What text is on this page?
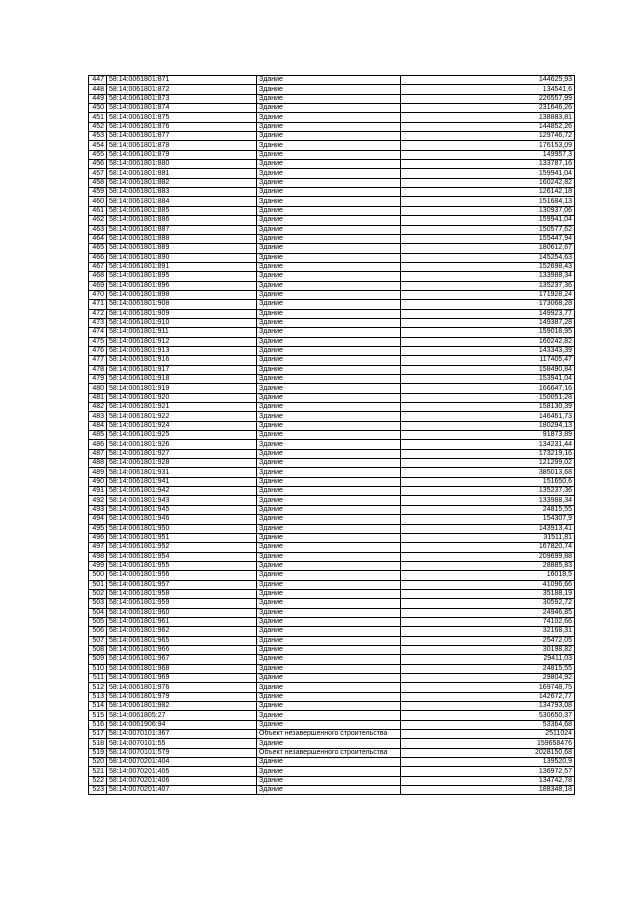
447	58:14:0061801:871	Здание	144625,93
448	58:14:0061801:872	Здание	134541,6
449	58:14:0061801:873	Здание	226557,99
450	58:14:0061801:874	Здание	231646,26
451	58:14:0061801:875	Здание	138883,81
452	58:14:0061801:876	Здание	144852,26
453	58:14:0061801:877	Здание	129746,72
454	58:14:0061801:878	Здание	176153,09
455	58:14:0061801:879	Здание	149957,3
456	58:14:0061801:880	Здание	133787,16
457	58:14:0061801:881	Здание	159941,04
458	58:14:0061801:882	Здание	160242,82
459	58:14:0061801:883	Здание	126142,18
460	58:14:0061801:884	Здание	151684,13
461	58:14:0061801:885	Здание	130937,06
462	58:14:0061801:886	Здание	159941,04
463	58:14:0061801:887	Здание	150577,62
464	58:14:0061801:888	Здание	155447,94
465	58:14:0061801:889	Здание	180612,67
466	58:14:0061801:890	Здание	145254,63
467	58:14:0061801:891	Здание	152698,43
468	58:14:0061801:895	Здание	133988,34
469	58:14:0061801:896	Здание	135237,36
470	58:14:0061801:898	Здание	171928,24
471	58:14:0061801:908	Здание	173068,28
472	58:14:0061801:909	Здание	149923,77
473	58:14:0061801:910	Здание	149387,28
474	58:14:0061801:911	Здание	159018,95
475	58:14:0061801:912	Здание	160242,82
476	58:14:0061801:913	Здание	143343,39
477	58:14:0061801:916	Здание	117405,47
478	58:14:0061801:917	Здание	158490,84
479	58:14:0061801:918	Здание	153941,04
480	58:14:0061801:919	Здание	166647,16
481	58:14:0061801:920	Здание	150051,28
482	58:14:0061801:921	Здание	158130,39
483	58:14:0061801:922	Здание	146461,73
484	58:14:0061801:924	Здание	180294,13
485	58:14:0061801:925	Здание	91873,89
486	58:14:0061801:926	Здание	134231,44
487	58:14:0061801:927	Здание	173219,16
488	58:14:0061801:928	Здание	121299,02
489	58:14:0061801:931	Здание	385013,68
490	58:14:0061801:941	Здание	151650,6
491	58:14:0061801:942	Здание	135237,36
492	58:14:0061801:943	Здание	133988,34
493	58:14:0061801:945	Здание	24815,55
494	58:14:0061801:946	Здание	154307,9
495	58:14:0061801:950	Здание	143913,41
496	58:14:0061801:951	Здание	31511,81
497	58:14:0061801:952	Здание	167820,74
498	58:14:0061801:954	Здание	209699,88
499	58:14:0061801:955	Здание	28885,83
500	58:14:0061801:956	Здание	16018,5
501	58:14:0061801:957	Здание	41096,66
502	58:14:0061801:958	Здание	35188,19
503	58:14:0061801:959	Здание	30592,72
504	58:14:0061801:960	Здание	24946,85
505	58:14:0061801:961	Здание	74102,66
506	58:14:0061801:962	Здание	32168,31
507	58:14:0061801:965	Здание	25472,05
508	58:14:0061801:966	Здание	30198,82
509	58:14:0061801:967	Здание	29411,03
510	58:14:0061801:968	Здание	24815,55
511	58:14:0061801:969	Здание	29804,92
512	58:14:0061801:976	Здание	169748,75
513	58:14:0061801:979	Здание	142672,77
514	58:14:0061801:982	Здание	134793,08
515	58:14:0061805:27	Здание	530650,37
516	58:14:0061906:94	Здание	53364,68
517	58:14:0070101:367	Объект незавершенного строительства	2511024
518	58:14:0070101:55	Здание	159658476
519	58:14:0070101:579	Объект незавершенного строительства	2028150,68
520	58:14:0070201:404	Здание	139520,9
521	58:14:0070201:405	Здание	136972,57
522	58:14:0070201:406	Здание	134742,78
523	58:14:0070201:407	Здание	188348,18
